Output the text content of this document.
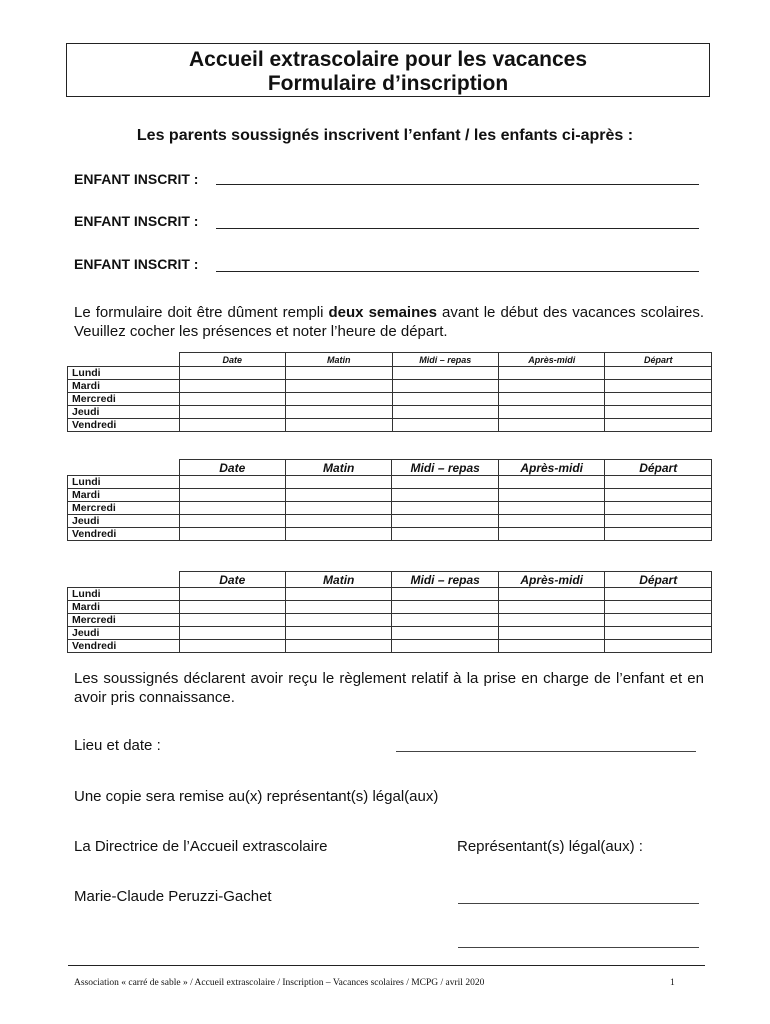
Accueil extrascolaire pour les vacances
Formulaire d’inscription
Les parents soussignés inscrivent l’enfant / les enfants ci-après :
ENFANT INSCRIT :
ENFANT INSCRIT :
ENFANT INSCRIT :
Le formulaire doit être dûment rempli deux semaines avant le début des vacances scolaires. Veuillez cocher les présences et noter l’heure de départ.
	Date	Matin	Midi – repas	Après-midi	Départ
Lundi					
Mardi					
Mercredi					
Jeudi					
Vendredi					
	Date	Matin	Midi – repas	Après-midi	Départ
Lundi					
Mardi					
Mercredi					
Jeudi					
Vendredi					
	Date	Matin	Midi – repas	Après-midi	Départ
Lundi					
Mardi					
Mercredi					
Jeudi					
Vendredi					
Les soussignés déclarent avoir reçu le règlement relatif à la prise en charge de l’enfant et en avoir pris connaissance.
Lieu et date :
Une copie sera remise au(x) représentant(s) légal(aux)
La Directrice de l’Accueil extrascolaire	Représentant(s) légal(aux) :
Marie-Claude Peruzzi-Gachet
Association « carré de sable » / Accueil extrascolaire / Inscription – Vacances scolaires / MCPG / avril 2020	1
